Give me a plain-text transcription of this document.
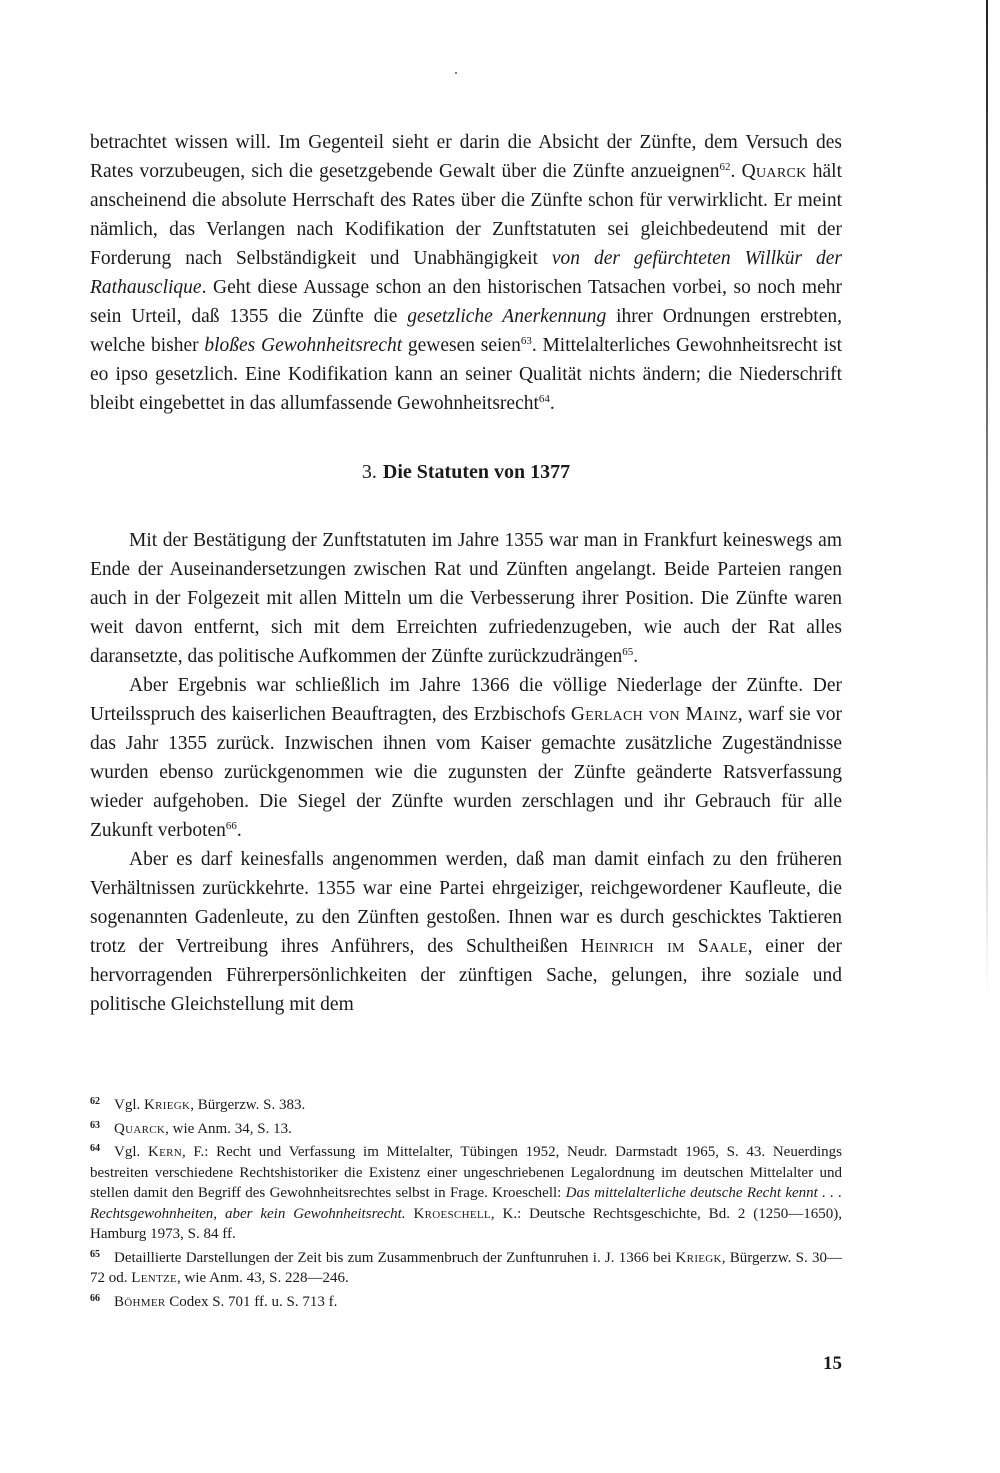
betrachtet wissen will. Im Gegenteil sieht er darin die Absicht der Zünfte, dem Versuch des Rates vorzubeugen, sich die gesetzgebende Gewalt über die Zünfte anzueignen$^{62}$. Quarck hält anscheinend die absolute Herrschaft des Rates über die Zünfte schon für verwirklicht. Er meint nämlich, das Verlangen nach Kodifikation der Zunftstatuten sei gleichbedeutend mit der Forderung nach Selbständigkeit und Unabhängigkeit von der gefürchteten Willkür der Rathausclique. Geht diese Aussage schon an den historischen Tatsachen vorbei, so noch mehr sein Urteil, daß 1355 die Zünfte die gesetzliche Anerkennung ihrer Ordnungen erstrebten, welche bisher bloßes Gewohnheitsrecht gewesen seien$^{63}$. Mittelalterliches Gewohnheitsrecht ist eo ipso gesetzlich. Eine Kodifikation kann an seiner Qualität nichts ändern; die Niederschrift bleibt eingebettet in das allumfassende Gewohnheitsrecht$^{64}$.

3. Die Statuten von 1377

Mit der Bestätigung der Zunftstatuten im Jahre 1355 war man in Frankfurt keineswegs am Ende der Auseinandersetzungen zwischen Rat und Zünften angelangt. Beide Parteien rangen auch in der Folgezeit mit allen Mitteln um die Verbesserung ihrer Position. Die Zünfte waren weit davon entfernt, sich mit dem Erreichten zufriedenzugeben, wie auch der Rat alles daransetzte, das politische Aufkommen der Zünfte zurückzudrängen$^{65}$.

Aber Ergebnis war schließlich im Jahre 1366 die völlige Niederlage der Zünfte. Der Urteilsspruch des kaiserlichen Beauftragten, des Erzbischofs Gerlach von Mainz, warf sie vor das Jahr 1355 zurück. Inzwischen ihnen vom Kaiser gemachte zusätzliche Zugeständnisse wurden ebenso zurückgenommen wie die zugunsten der Zünfte geänderte Ratsverfassung wieder aufgehoben. Die Siegel der Zünfte wurden zerschlagen und ihr Gebrauch für alle Zukunft verboten$^{66}$.

Aber es darf keinesfalls angenommen werden, daß man damit einfach zu den früheren Verhältnissen zurückkehrte. 1355 war eine Partei ehrgeiziger, reichgewordener Kaufleute, die sogenannten Gadenleute, zu den Zünften gestoßen. Ihnen war es durch geschicktes Taktieren trotz der Vertreibung ihres Anführers, des Schultheißen Heinrich im Saale, einer der hervorragenden Führerpersönlichkeiten der zünftigen Sache, gelungen, ihre soziale und politische Gleichstellung mit dem

62 Vgl. Kriegk, Bürgerzw. S. 383.

63 Quarck, wie Anm. 34, S. 13.

64 Vgl. Kern, F.: Recht und Verfassung im Mittelalter, Tübingen 1952, Neudr. Darmstadt 1965, S. 43. Neuerdings bestreiten verschiedene Rechtshistoriker die Existenz einer ungeschriebenen Legalordnung im deutschen Mittelalter und stellen damit den Begriff des Gewohnheitsrechtes selbst in Frage. Kroeschell: Das mittelalterliche deutsche Recht kennt . . . Rechtsgewohnheiten, aber kein Gewohnheitsrecht. Kroeschell, K.: Deutsche Rechtsgeschichte, Bd. 2 (1250—1650), Hamburg 1973, S. 84 ff.

65 Detaillierte Darstellungen der Zeit bis zum Zusammenbruch der Zunftunruhen i. J. 1366 bei Kriegk, Bürgerzw. S. 30—72 od. Lentze, wie Anm. 43, S. 228—246.

66 Böhmer Codex S. 701 ff. u. S. 713 f.

15
